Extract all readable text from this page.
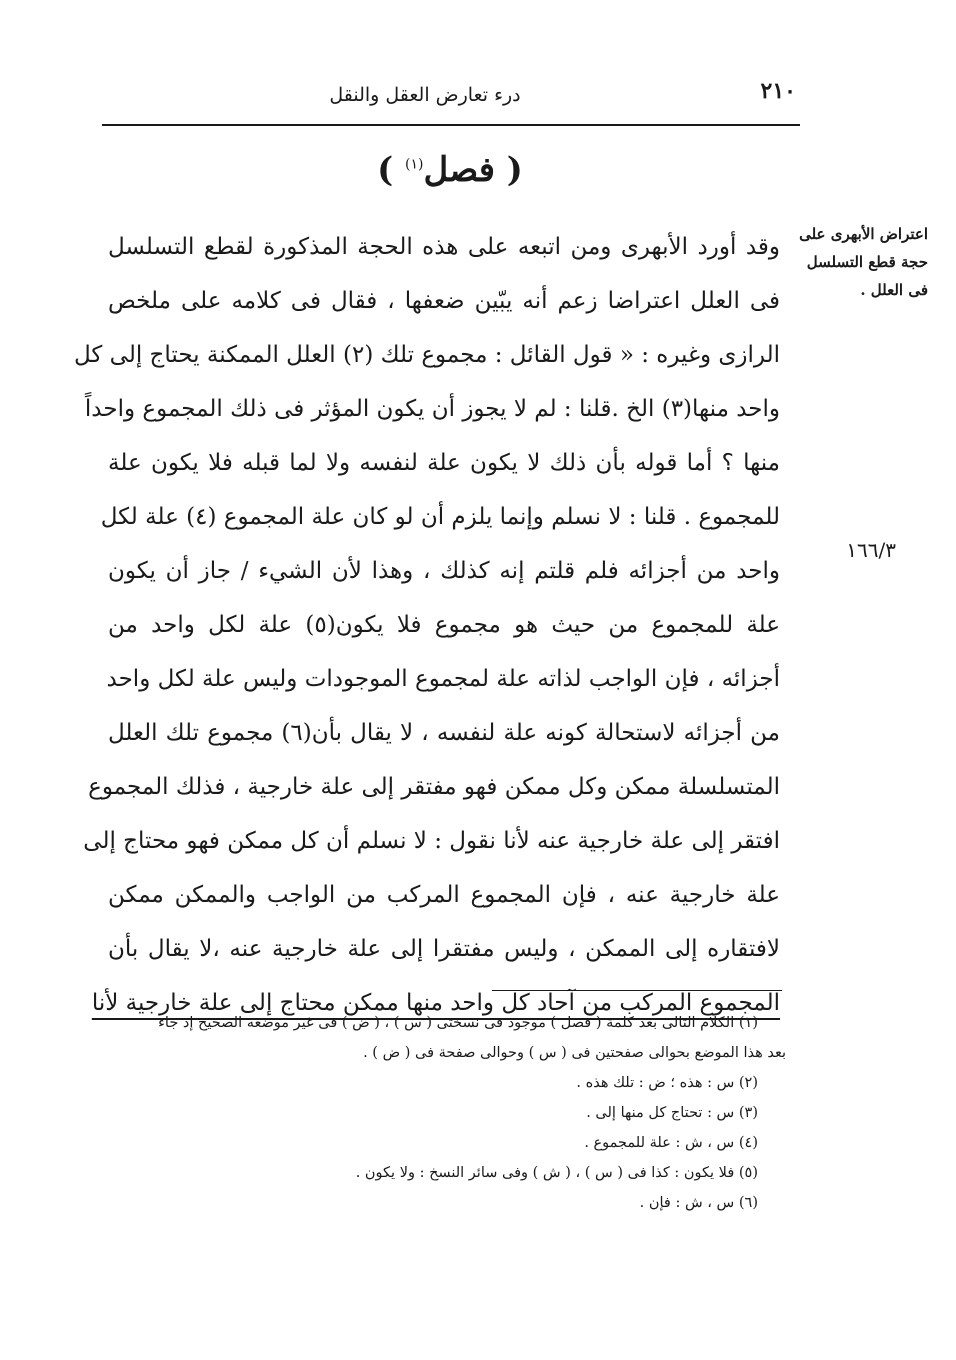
٢١٠
درء تعارض العقل والنقل
( فصل$^{(١)}$ )
اعتراض الأبهرى على حجة قطع التسلسل فى العلل .
١٦٦/٣
وقد أورد الأبهرى ومن اتبعه على هذه الحجة المذكورة لقطع التسلسل
فى العلل اعتراضا زعم أنه يبّين ضعفها ، فقال فى كلامه على ملخص
الرازى وغيره : « قول القائل : مجموع تلك (٢) العلل الممكنة يحتاج إلى كل
واحد منها(٣) الخ .قلنا : لم لا يجوز أن يكون المؤثر فى ذلك المجموع واحداً
منها ؟ أما قوله بأن ذلك لا يكون علة لنفسه ولا لما قبله فلا يكون علة
للمجموع . قلنا : لا نسلم وإنما يلزم أن لو كان علة المجموع (٤) علة لكل
واحد من أجزائه فلم قلتم إنه كذلك ، وهذا لأن الشيء / جاز أن يكون
علة للمجموع من حيث هو مجموع فلا يكون(٥) علة لكل واحد من
أجزائه ، فإن الواجب لذاته علة لمجموع الموجودات وليس علة لكل واحد
من أجزائه لاستحالة كونه علة لنفسه ، لا يقال بأن(٦) مجموع تلك العلل
المتسلسلة ممكن وكل ممكن فهو مفتقر إلى علة خارجية ، فذلك المجموع
افتقر إلى علة خارجية عنه لأنا نقول : لا نسلم أن كل ممكن فهو محتاج إلى
علة خارجية عنه ، فإن المجموع المركب من الواجب والممكن ممكن
لافتقاره إلى الممكن ، وليس مفتقرا إلى علة خارجية عنه ،لا يقال بأن
المجموع المركب من آحاد كل واحد منها ممكن محتاج إلى علة خارجية لأنا
(١) الكلام التالى بعد كلمة ( فصل ) موجود فى نسختى ( س ) ، ( ض ) فى غير موضعه الصحيح إذ جاء
بعد هذا الموضع بحوالى صفحتين فى ( س ) وحوالى صفحة فى ( ض ) .
(٢) س : هذه ؛ ض : تلك هذه .
(٣) س : تحتاج كل منها إلى .
(٤) س ، ش : علة للمجموع .
(٥) فلا يكون : كذا فى ( س ) ، ( ش ) وفى سائر النسخ : ولا يكون .
(٦) س ، ش : فإن .
